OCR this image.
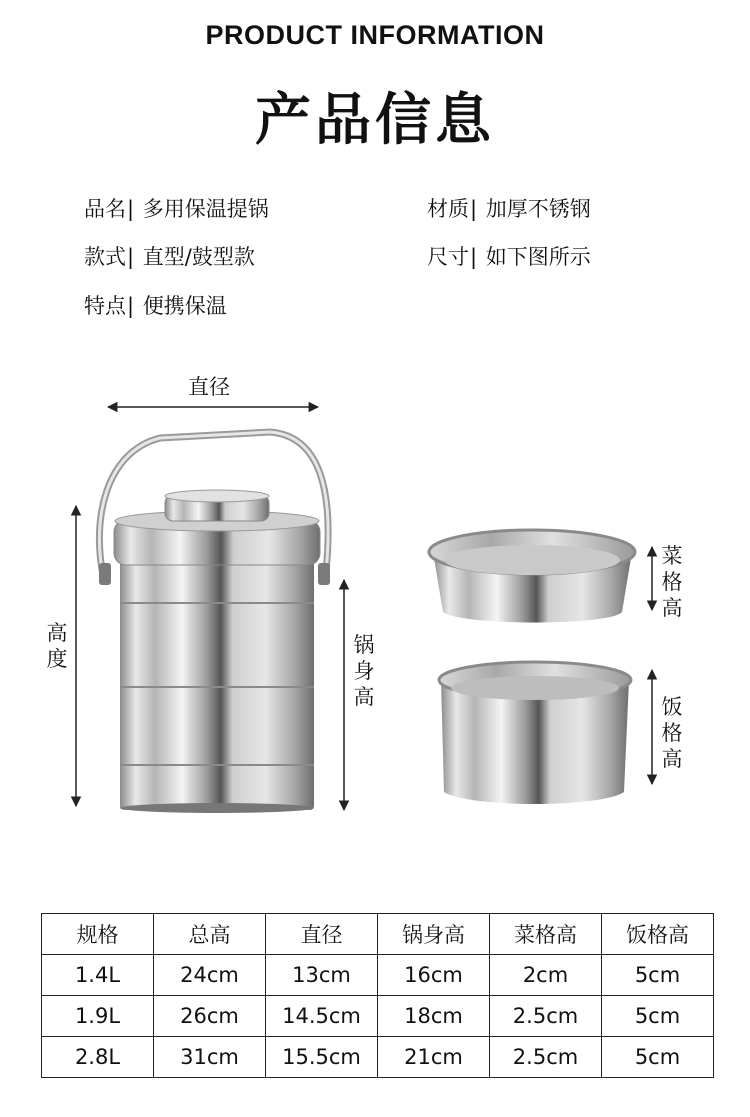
PRODUCT INFORMATION
产品信息
品名| 多用保温提锅	材质| 加厚不锈钢
款式| 直型/鼓型款	尺寸| 如下图所示
特点| 便携保温
直径
高
度
锅
身
高
菜
格
高
饭
格
高
规格	总高	直径	锅身高	菜格高	饭格高
1.4L	24cm	13cm	16cm	2cm	5cm
1.9L	26cm	14.5cm	18cm	2.5cm	5cm
2.8L	31cm	15.5cm	21cm	2.5cm	5cm
